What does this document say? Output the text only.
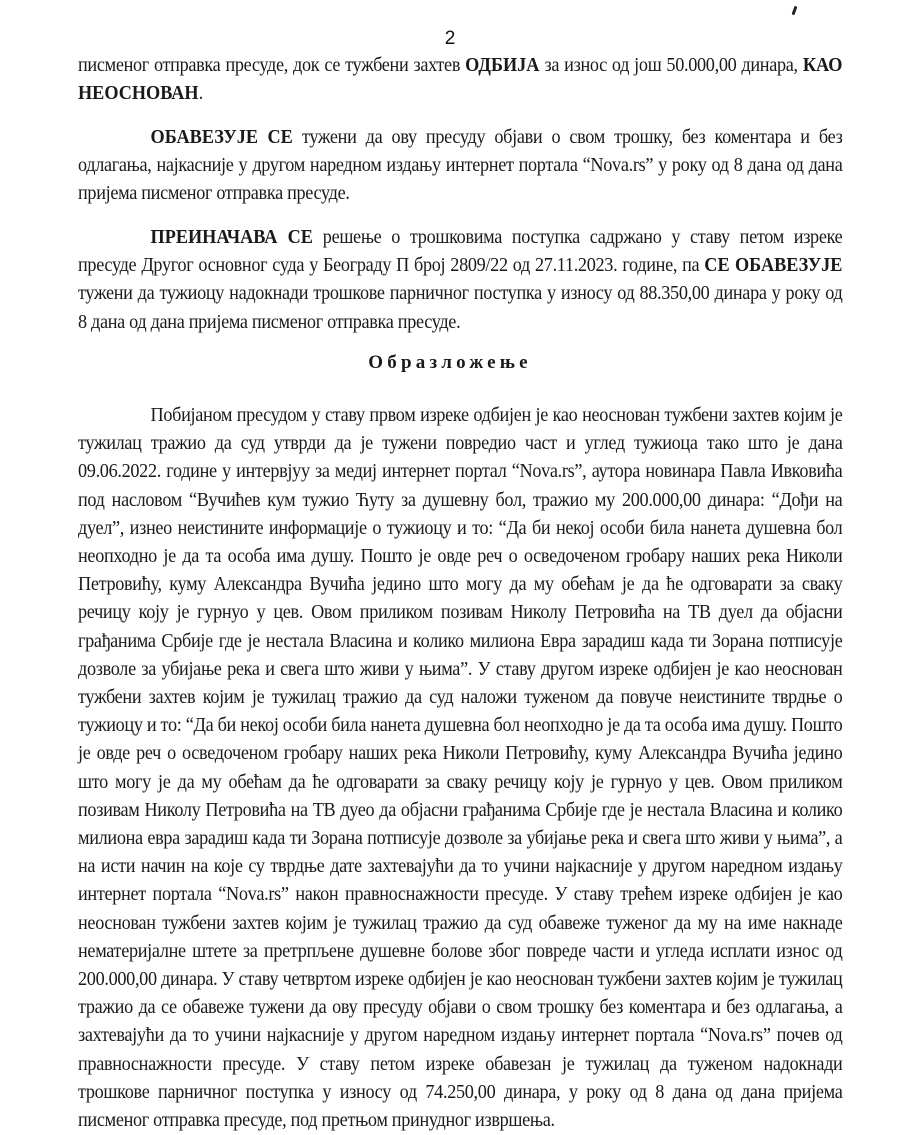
2
писменог отправка пресуде, док се тужбени захтев ОДБИЈА за износ од још 50.000,00 динара, КАО НЕОСНОВАН.
ОБАВЕЗУЈЕ СЕ тужени да ову пресуду објави о свом трошку, без коментара и без одлагања, најкасније у другом наредном издању интернет портала “Nova.rs” у року од 8 дана од дана пријема писменог отправка пресуде.
ПРЕИНАЧАВА СЕ решење о трошковима поступка садржано у ставу петом изреке пресуде Другог основног суда у Београду П број 2809/22 од 27.11.2023. године, па СЕ ОБАВЕЗУЈЕ тужени да тужиоцу надокнади трошкове парничног поступка у износу од 88.350,00 динара у року од 8 дана од дана пријема писменог отправка пресуде.
Образложење
Побијаном пресудом у ставу првом изреке одбијен је као неоснован тужбени захтев којим је тужилац тражио да суд утврди да је тужени повредио част и углед тужиоца тако што је дана 09.06.2022. године у интервјуу за медиј интернет портал “Nova.rs”, аутора новинара Павла Ивковића под насловом “Вучићев кум тужио Ћуту за душевну бол, тражио му 200.000,00 динара: “Дођи на дуел”, изнео неистините информације о тужиоцу и то: “Да би некој особи била нанета душевна бол неопходно је да та особа има душу. Пошто је овде реч о осведоченом гробару наших река Николи Петровићу, куму Александра Вучића једино што могу да му обећам је да ће одговарати за сваку речицу коју је гурнуо у цев. Овом приликом позивам Николу Петровића на ТВ дуел да објасни грађанима Србије где је нестала Власина и колико милиона Евра зарадиш када ти Зорана потписује дозволе за убијање река и свега што живи у њима”. У ставу другом изреке одбијен је као неоснован тужбени захтев којим је тужилац тражио да суд наложи туженом да повуче неистините тврдње о тужиоцу и то: “Да би некој особи била нанета душевна бол неопходно је да та особа има душу. Пошто је овде реч о осведоченом гробару наших река Николи Петровићу, куму Александра Вучића једино што могу је да му обећам да ће одговарати за сваку речицу коју је гурнуо у цев. Овом приликом позивам Николу Петровића на ТВ дуео да објасни грађанима Србије где је нестала Власина и колико милиона евра зарадиш када ти Зорана потписује дозволе за убијање река и свега што живи у њима”, а на исти начин на које су тврдње дате захтевајући да то учини најкасније у другом наредном издању интернет портала “Nova.rs” након правноснажности пресуде. У ставу трећем изреке одбијен је као неоснован тужбени захтев којим је тужилац тражио да суд обавеже туженог да му на име накнаде нематеријалне штете за претрпљене душевне болове због повреде части и угледа исплати износ од 200.000,00 динара. У ставу четвртом изреке одбијен је као неоснован тужбени захтев којим је тужилац тражио да се обавеже тужени да ову пресуду објави о свом трошку без коментара и без одлагања, а захтевајући да то учини најкасније у другом наредном издању интернет портала “Nova.rs” почев од правноснажности пресуде. У ставу петом изреке обавезан је тужилац да туженом надокнади трошкове парничног поступка у износу од 74.250,00 динара, у року од 8 дана од дана пријема писменог отправка пресуде, под претњом принудног извршења.
